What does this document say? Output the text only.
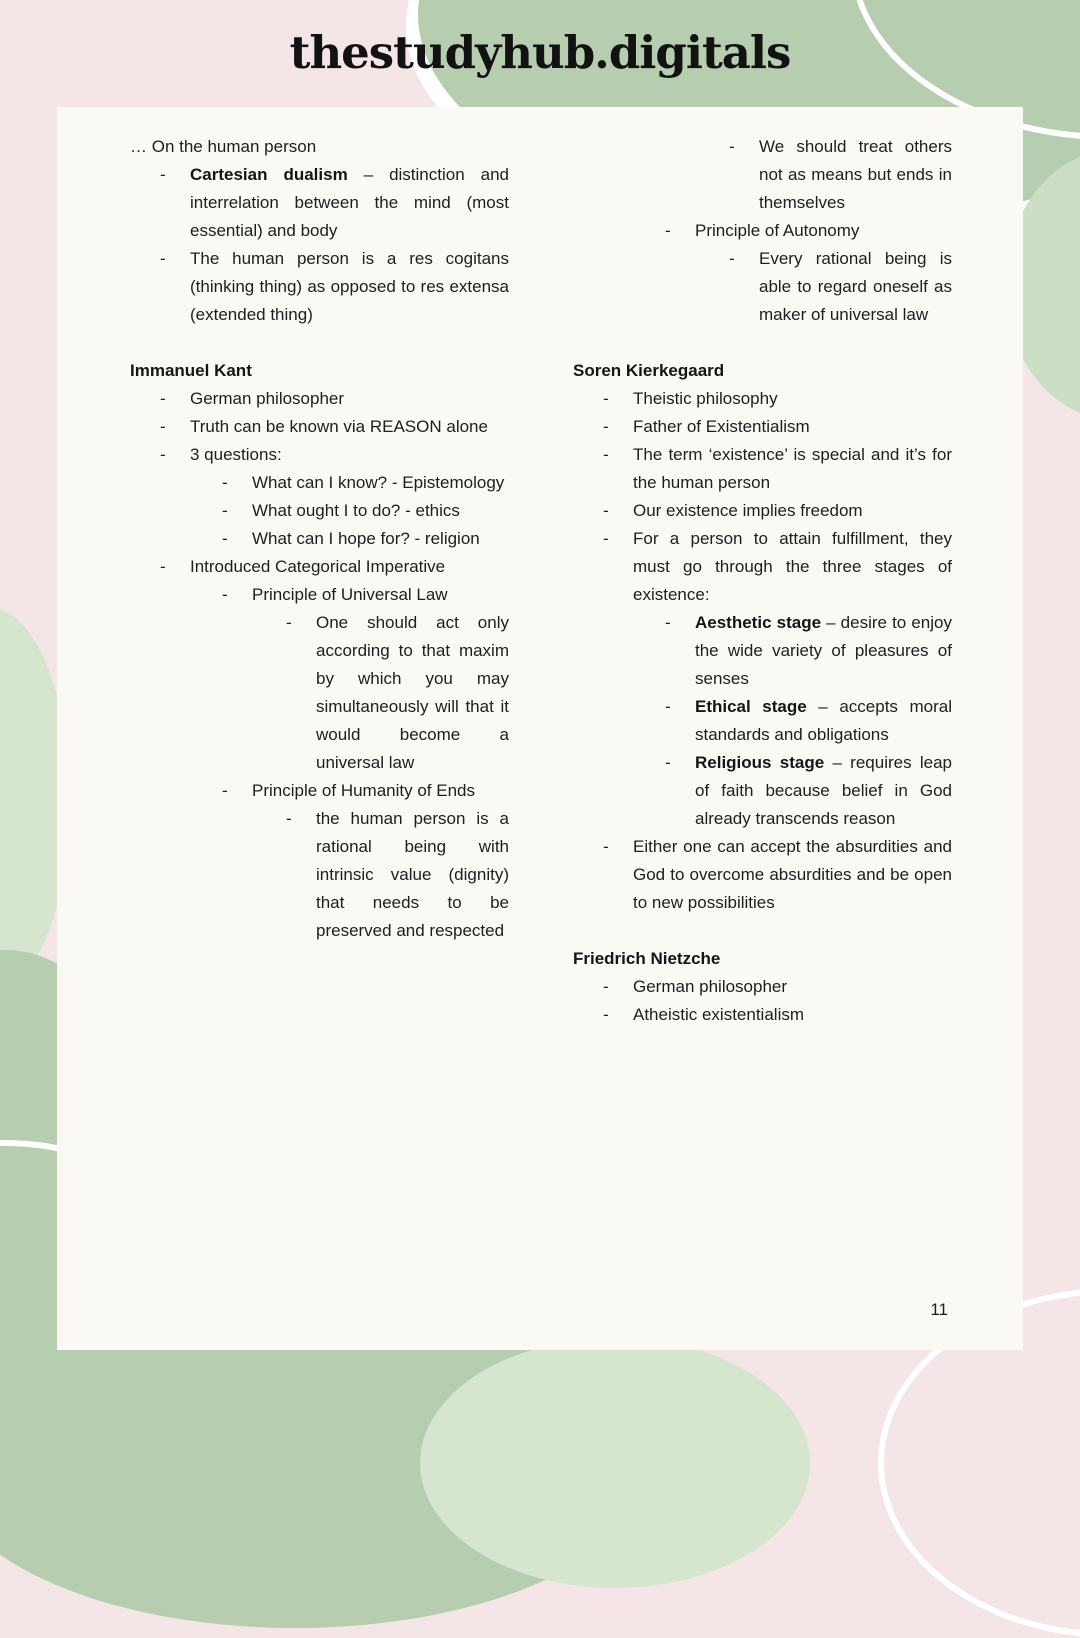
thestudyhub.digitals

… On the human person

-	Cartesian dualism – distinction and interrelation between the mind (most essential) and body
-	The human person is a res cogitans (thinking thing) as opposed to res extensa (extended thing)
Immanuel Kant
-	German philosopher
-	Truth can be known via REASON alone
-	3 questions:
-	What can I know? - Epistemology
-	What ought I to do? - ethics
-	What can I hope for? - religion
-	Introduced Categorical Imperative
-	Principle of Universal Law
-	One should act only according to that maxim by which you may simultaneously will that it would become a universal law
-	Principle of Humanity of Ends
-	the human person is a rational being with intrinsic value (dignity) that needs to be preserved and respected
-	We should treat others not as means but ends in themselves
-	Principle of Autonomy
-	Every rational being is able to regard oneself as maker of universal law
Soren Kierkegaard
-	Theistic philosophy
-	Father of Existentialism
-	The term ‘existence’ is special and it’s for the human person
-	Our existence implies freedom
-	For a person to attain fulfillment, they must go through the three stages of existence:
-	Aesthetic stage – desire to enjoy the wide variety of pleasures of senses
-	Ethical stage – accepts moral standards and obligations
-	Religious stage – requires leap of faith because belief in God already transcends reason
-	Either one can accept the absurdities and God to overcome absurdities and be open to new possibilities
Friedrich Nietzche
-	German philosopher
-	Atheistic existentialism
11
